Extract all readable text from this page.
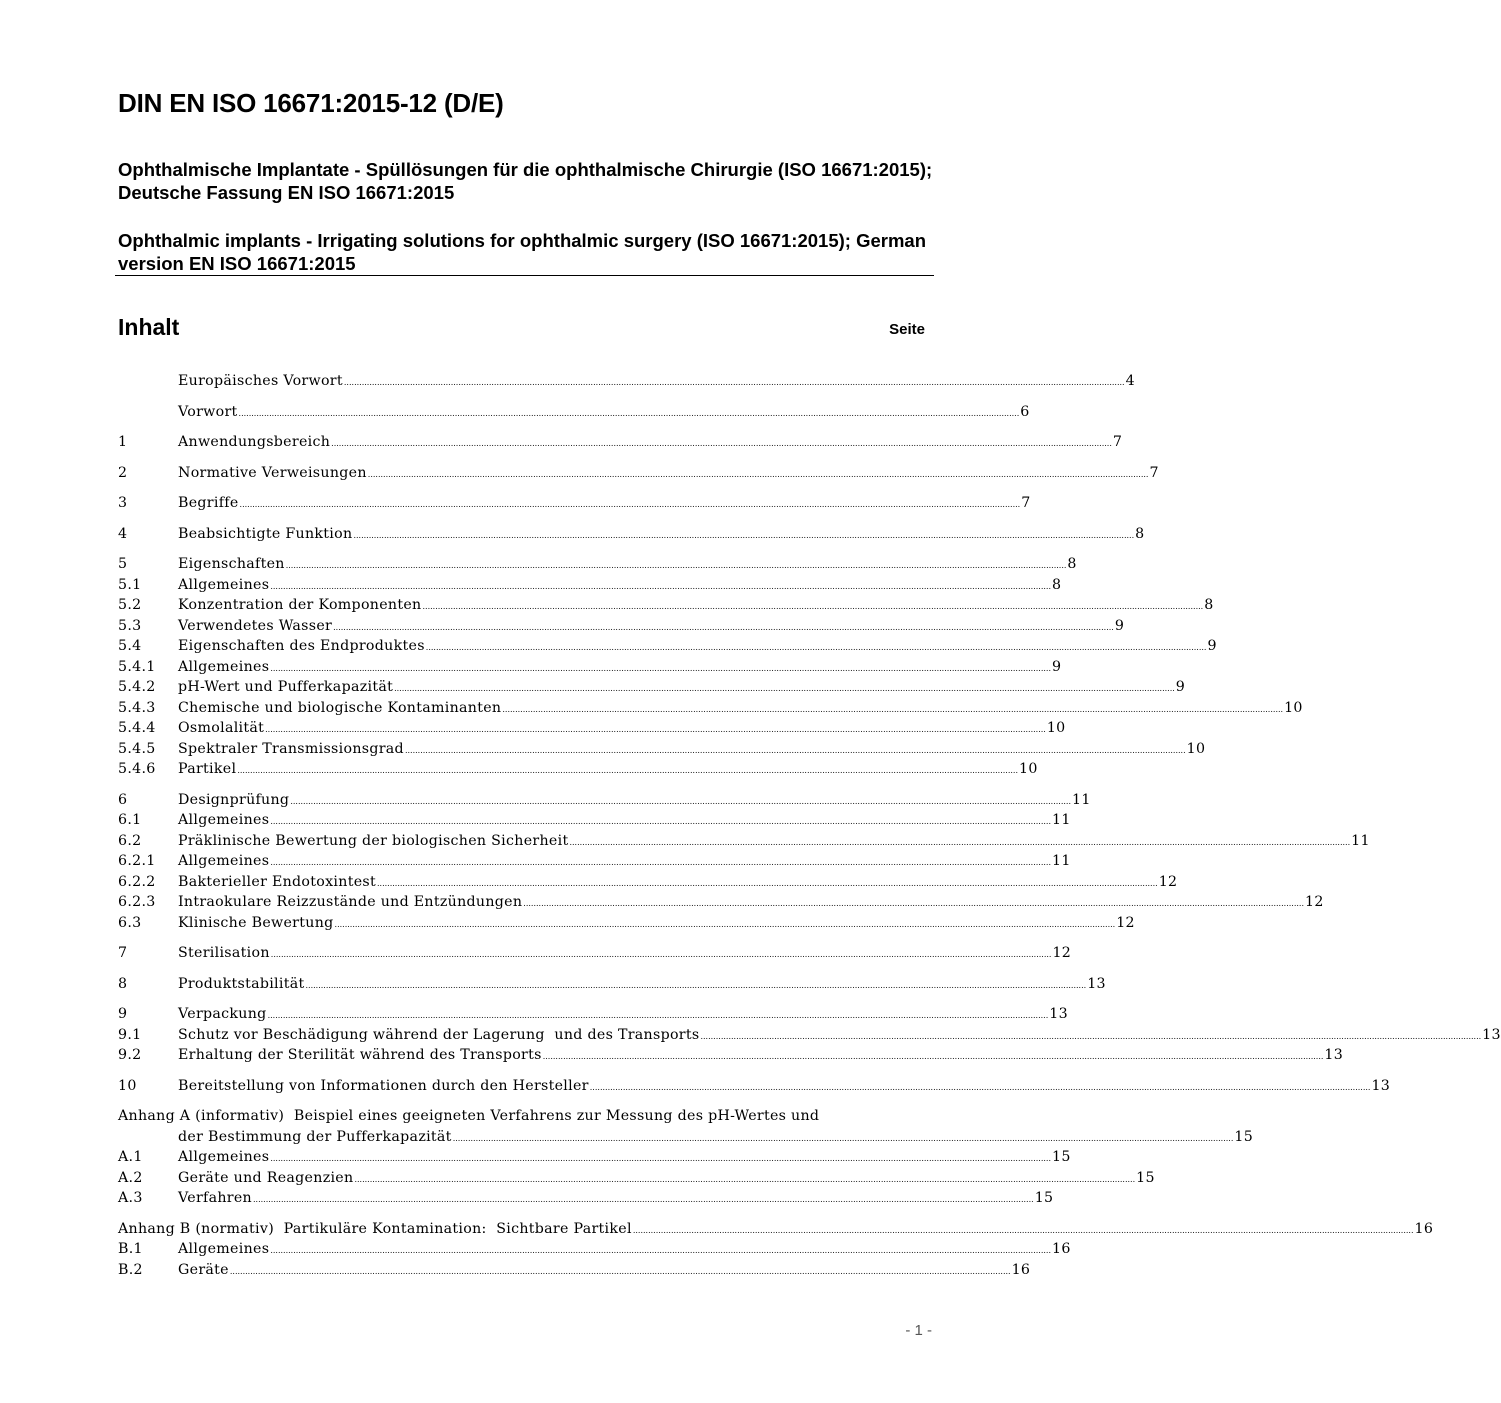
DIN EN ISO 16671:2015-12 (D/E)

Ophthalmische Implantate - Spüllösungen für die ophthalmische Chirurgie (ISO 16671:2015); Deutsche Fassung EN ISO 16671:2015

Ophthalmic implants - Irrigating solutions for ophthalmic surgery (ISO 16671:2015); German version EN ISO 16671:2015

Inhalt	Seite
Europäisches Vorwort .....	4
Vorwort .....	6
1	Anwendungsbereich .....	7
2	Normative Verweisungen .....	7
3	Begriffe .....	7
4	Beabsichtigte Funktion .....	8
5	Eigenschaften .....	8
5.1	Allgemeines .....	8
5.2	Konzentration der Komponenten .....	8
5.3	Verwendetes Wasser .....	9
5.4	Eigenschaften des Endproduktes .....	9
5.4.1	Allgemeines .....	9
5.4.2	pH-Wert und Pufferkapazität .....	9
5.4.3	Chemische und biologische Kontaminanten .....	10
5.4.4	Osmolalität .....	10
5.4.5	Spektraler Transmissionsgrad .....	10
5.4.6	Partikel .....	10
6	Designprüfung .....	11
6.1	Allgemeines .....	11
6.2	Präklinische Bewertung der biologischen Sicherheit .....	11
6.2.1	Allgemeines .....	11
6.2.2	Bakterieller Endotoxintest .....	12
6.2.3	Intraokulare Reizzustände und Entzündungen .....	12
6.3	Klinische Bewertung .....	12
7	Sterilisation .....	12
8	Produktstabilität .....	13
9	Verpackung .....	13
9.1	Schutz vor Beschädigung während der Lagerung  und des Transports .....	13
9.2	Erhaltung der Sterilität während des Transports .....	13
10	Bereitstellung von Informationen durch den Hersteller .....	13
Anhang A (informativ)  Beispiel eines geeigneten Verfahrens zur Messung des pH-Wertes und
der Bestimmung der Pufferkapazität .....	15
A.1	Allgemeines .....	15
A.2	Geräte und Reagenzien .....	15
A.3	Verfahren .....	15
Anhang B (normativ)  Partikuläre Kontamination:  Sichtbare Partikel .....	16
B.1	Allgemeines .....	16
B.2	Geräte .....	16
- 1 -
